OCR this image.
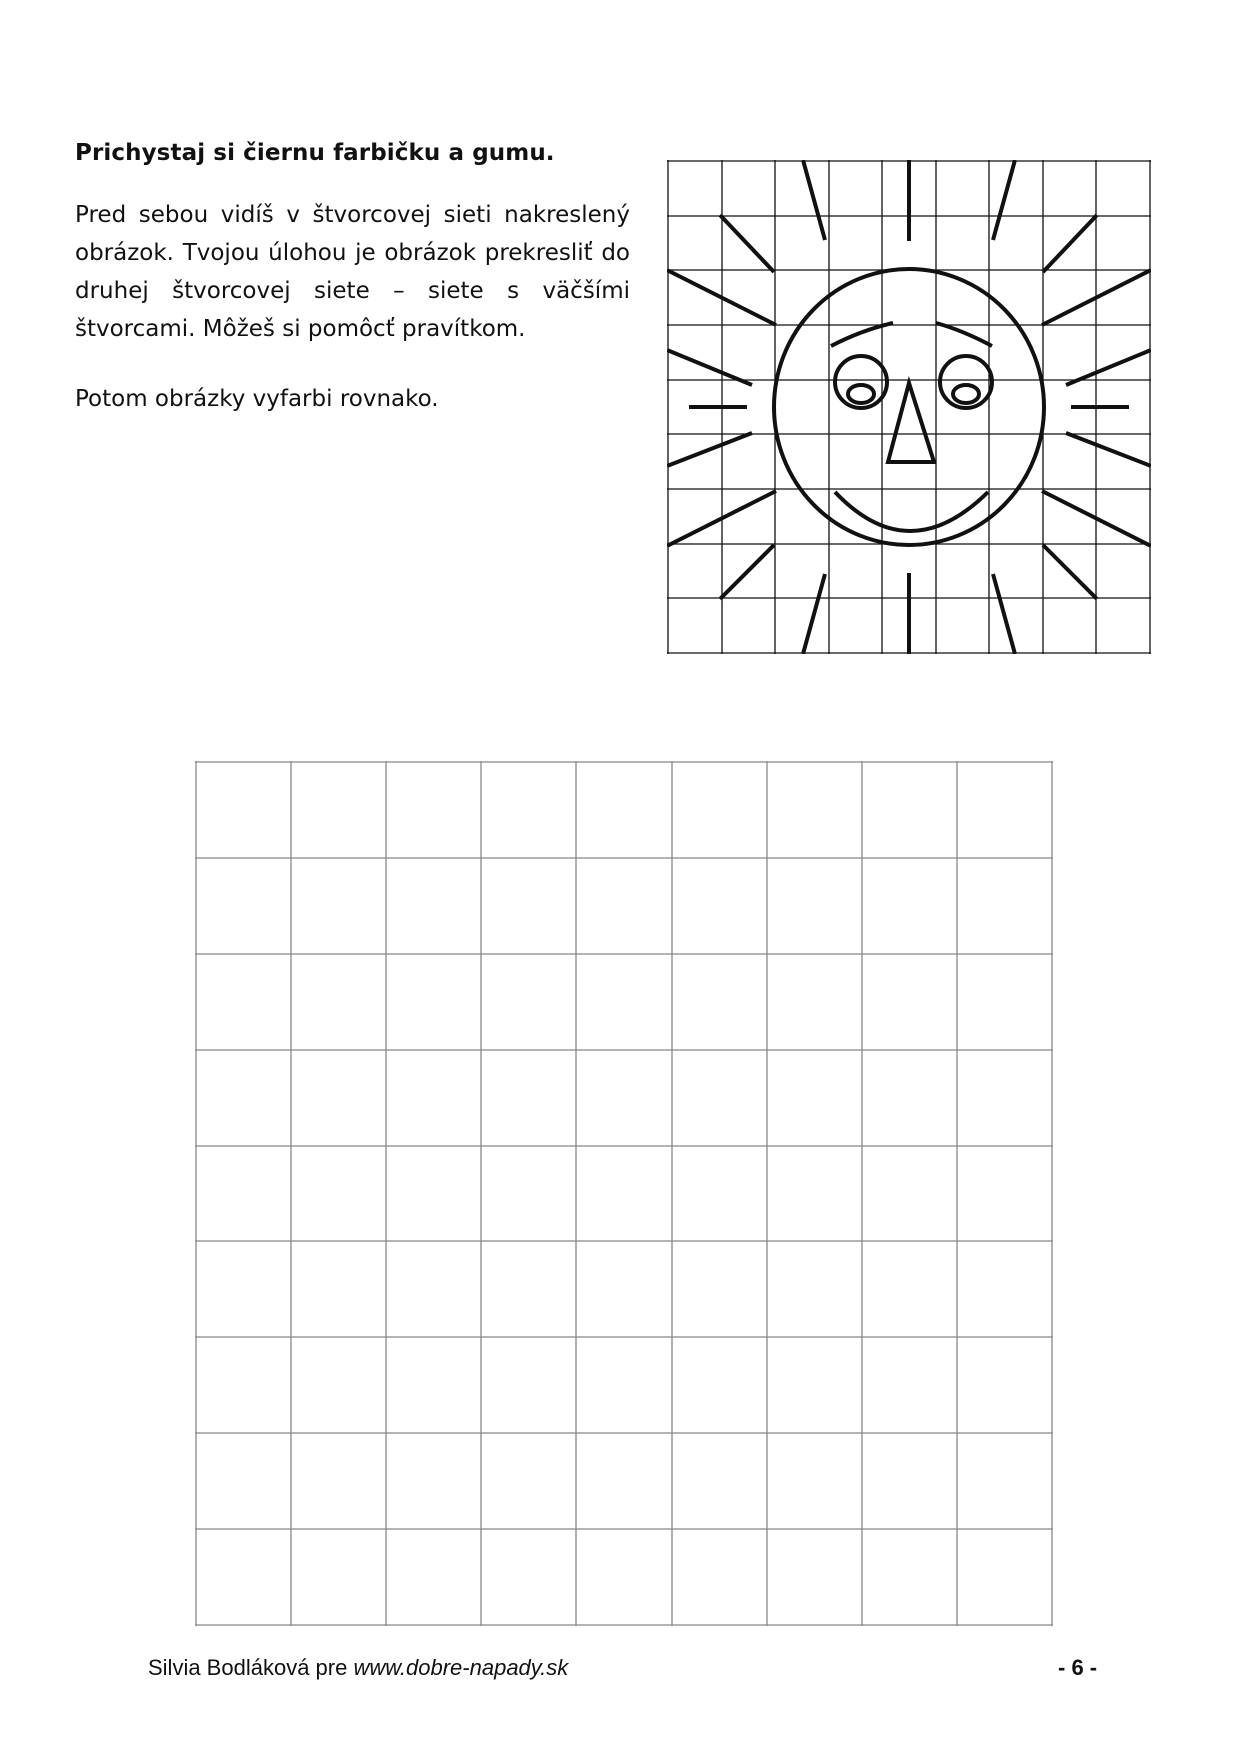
Prichystaj si čiernu farbičku a gumu.

Pred sebou vidíš v štvorcovej sieti nakreslený obrázok. Tvojou úlohou je obrázok prekresliť do druhej štvorcovej siete – siete s väčšími štvorcami. Môžeš si pomôcť pravítkom.

Potom obrázky vyfarbi rovnako.

Silvia Bodláková pre www.dobre-napady.sk	- 6 -
